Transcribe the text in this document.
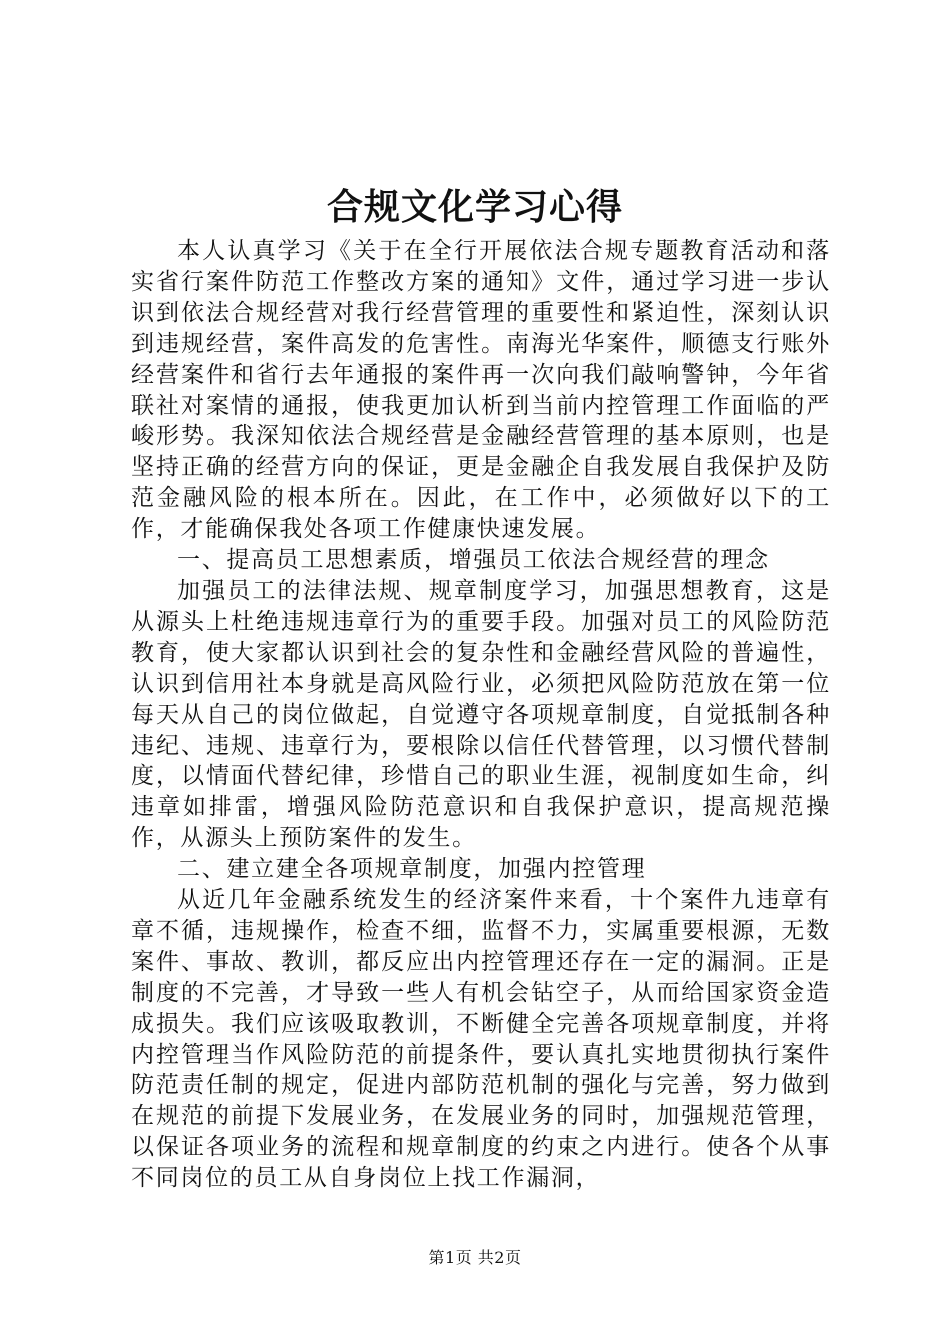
合规文化学习心得

本人认真学习《关于在全行开展依法合规专题教育活动和落实省行案件防范工作整改方案的通知》文件，通过学习进一步认识到依法合规经营对我行经营管理的重要性和紧迫性，深刻认识到违规经营，案件高发的危害性。南海光华案件，顺德支行账外经营案件和省行去年通报的案件再一次向我们敲响警钟，今年省联社对案情的通报，使我更加认析到当前内控管理工作面临的严峻形势。我深知依法合规经营是金融经营管理的基本原则，也是坚持正确的经营方向的保证，更是金融企自我发展自我保护及防范金融风险的根本所在。因此，在工作中，必须做好以下的工作，才能确保我处各项工作健康快速发展。

一、提高员工思想素质，增强员工依法合规经营的理念

加强员工的法律法规、规章制度学习，加强思想教育，这是从源头上杜绝违规违章行为的重要手段。加强对员工的风险防范教育，使大家都认识到社会的复杂性和金融经营风险的普遍性，认识到信用社本身就是高风险行业，必须把风险防范放在第一位每天从自己的岗位做起，自觉遵守各项规章制度，自觉抵制各种违纪、违规、违章行为，要根除以信任代替管理，以习惯代替制度，以情面代替纪律，珍惜自己的职业生涯，视制度如生命，纠违章如排雷，增强风险防范意识和自我保护意识，提高规范操作，从源头上预防案件的发生。

二、建立建全各项规章制度，加强内控管理

从近几年金融系统发生的经济案件来看，十个案件九违章有章不循，违规操作，检查不细，监督不力，实属重要根源，无数案件、事故、教训，都反应出内控管理还存在一定的漏洞。正是制度的不完善，才导致一些人有机会钻空子，从而给国家资金造成损失。我们应该吸取教训，不断健全完善各项规章制度，并将内控管理当作风险防范的前提条件，要认真扎实地贯彻执行案件防范责任制的规定，促进内部防范机制的强化与完善，努力做到在规范的前提下发展业务，在发展业务的同时，加强规范管理，以保证各项业务的流程和规章制度的约束之内进行。使各个从事不同岗位的员工从自身岗位上找工作漏洞，

第1页 共2页
